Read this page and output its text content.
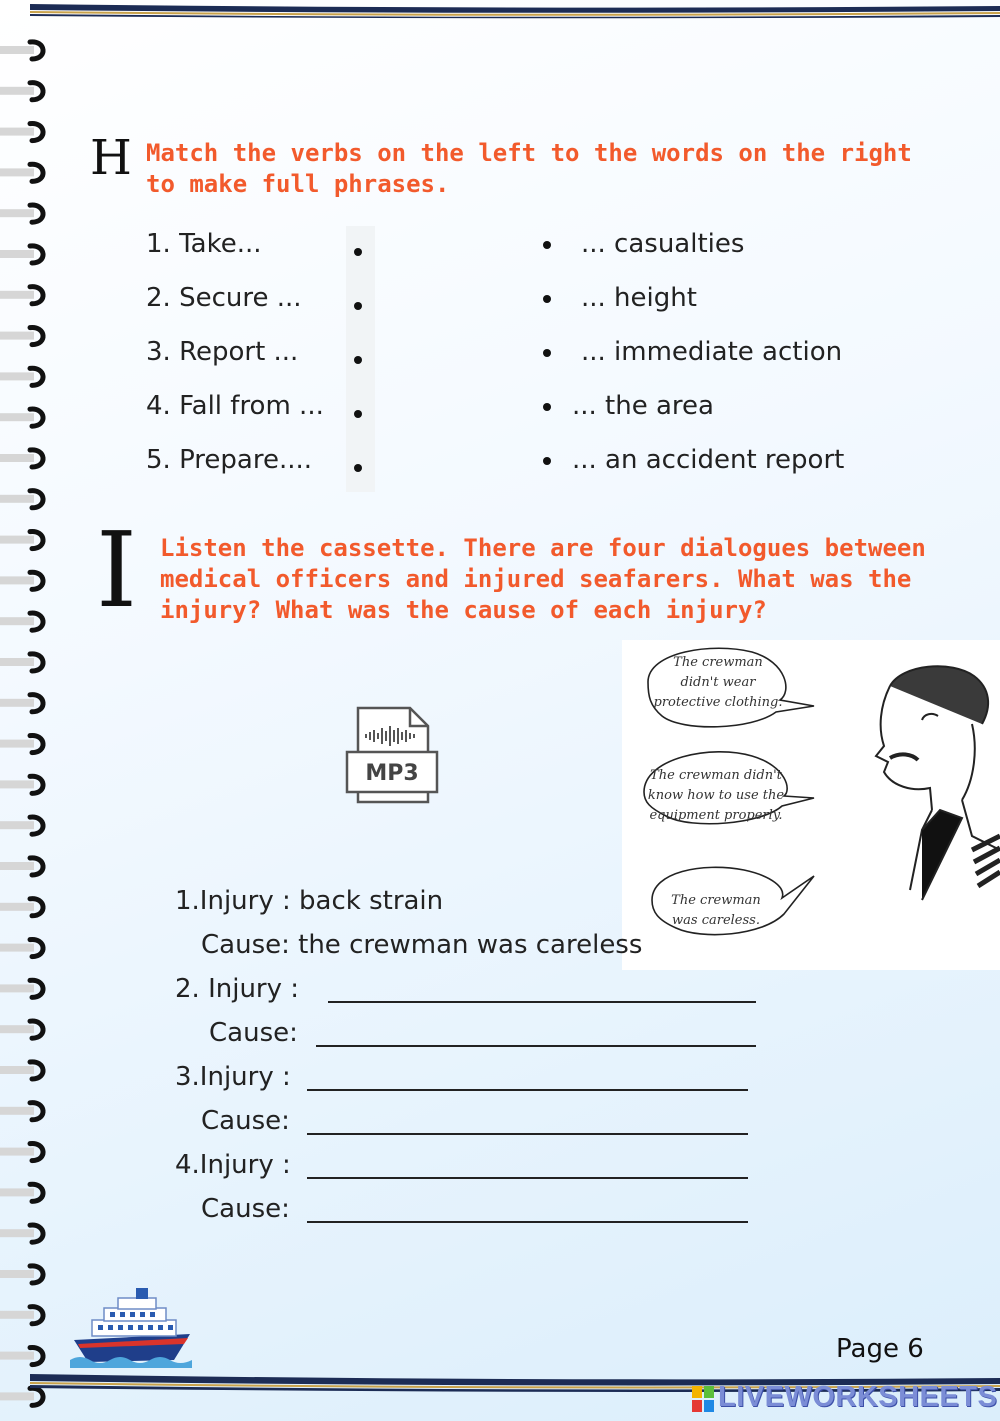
H Match the verbs on the left to the words on the right
to make full phrases.
1. Take...
2. Secure ...
3. Report ...
4. Fall from ...
5. Prepare....
... casualties
... height
... immediate action
... the area
... an accident report
I Listen the cassette. There are four dialogues between
medical officers and injured seafarers. What was the
injury? What was the cause of each injury?
MP3
The crewman
didn't wear
protective clothing.
The crewman didn't
know how to use the
equipment properly.
The crewman
was careless.
1.Injury : back strain
Cause: the crewman was careless
2. Injury :
Cause:
3.Injury :
Cause:
4.Injury :
Cause:
Page 6
LIVEWORKSHEETS
